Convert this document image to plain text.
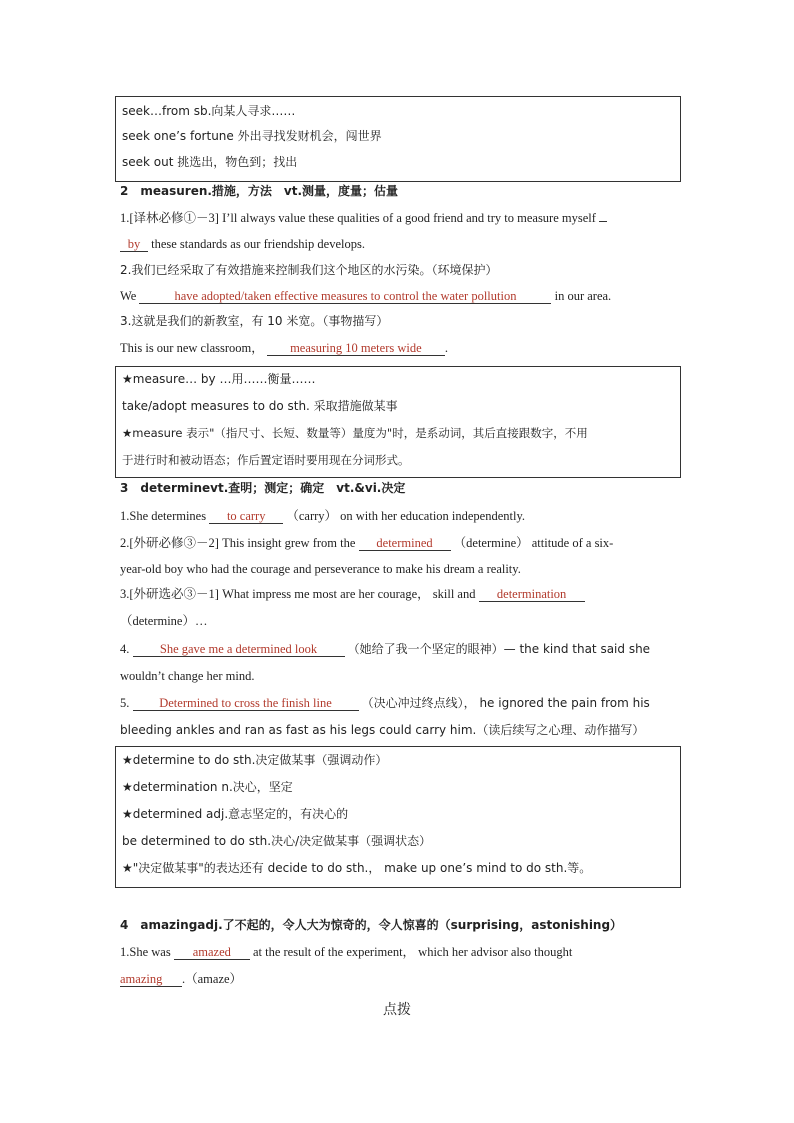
seek…from sb.向某人寻求……
seek one’s fortune 外出寻找发财机会，闯世界
seek out 挑选出，物色到；找出
2　measuren.措施，方法　vt.测量，度量；估量
1.[译林必修①－3] I’ll always value these qualities of a good friend and try to measure myself
by these standards as our friendship develops.
2.我们已经采取了有效措施来控制我们这个地区的水污染。（环境保护）
We	have adopted/taken effective measures to control the water pollution	in our area.
3.这就是我们的新教室，有 10 米宽。（事物描写）
This is our new classroom， measuring 10 meters wide .
★measure… by …用……衡量……
take/adopt measures to do sth. 采取措施做某事
★measure 表示"（指尺寸、长短、数量等）量度为"时，是系动词，其后直接跟数字，不用
于进行时和被动语态；作后置定语时要用现在分词形式。
3　determinevt.查明；测定；确定　vt.&vi.决定
1.She determines to carry （carry） on with her education independently.
2.[外研必修③－2] This insight grew from the determined （determine） attitude of a six-
year-old boy who had the courage and perseverance to make his dream a reality.
3.[外研选必③－1] What impress me most are her courage， skill and determination
（determine）…
4. She gave me a determined look	（她给了我一个坚定的眼神）— the kind that said she
wouldn’t change her mind.
5. Determined to cross the finish line （决心冲过终点线）， he ignored the pain from his
bleeding ankles and ran as fast as his legs could carry him.（读后续写之心理、动作描写）
★determine to do sth.决定做某事（强调动作）
★determination n.决心，坚定
★determined adj.意志坚定的，有决心的
be determined to do sth.决心/决定做某事（强调状态）
★"决定做某事"的表达还有 decide to do sth.， make up one’s mind to do sth.等。
4　amazingadj.了不起的，令人大为惊奇的，令人惊喜的（surprising，astonishing）
1.She was amazed at the result of the experiment， which her advisor also thought
amazing .（amaze）
点拨
